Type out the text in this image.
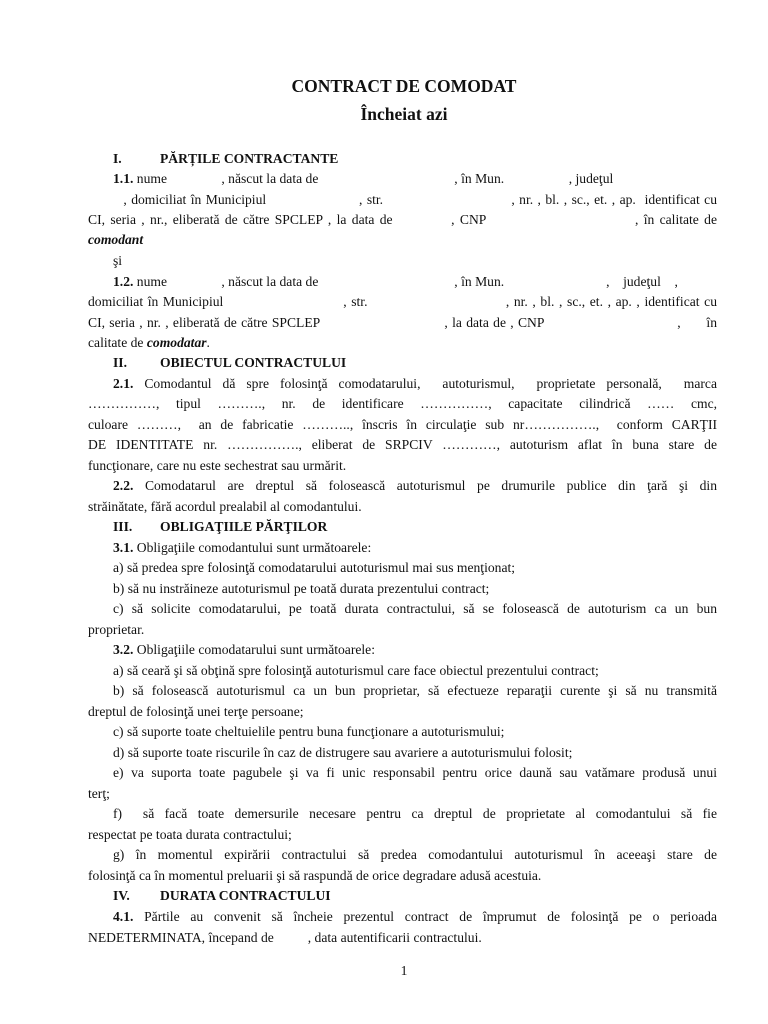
CONTRACT DE COMODAT
Încheiat azi
I.	PĂRȚILE CONTRACTANTE
1.1. nume                , născut la data de                                        , în Mun.                   , judeţul
, domiciliat în Municipiul                     , str.                             , nr. , bl. , sc., et. , ap.  identificat cu
CI, seria , nr., eliberată de către SPCLEP , la data de           , CNP                            , în calitate de
comodant
şi
1.2. nume                , născut la data de                                        , în Mun.                              ,    judeţul    ,
domiciliat în Municipiul                          , str.                              , nr. , bl. , sc., et. , ap. , identificat cu
CI, seria , nr. , eliberată de către SPCLEP                             , la data de , CNP                               ,      în
calitate de comodatar.
II. OBIECTUL CONTRACTULUI
2.1. Comodantul dă spre folosinţă comodatarului,  autoturismul,  proprietate personală,  marca
……………, tipul ………., nr. de identificare ……………, capacitate cilindrică …… cmc,
culoare ………,  an de fabricatie ……….., înscris în circulaţie sub nr…………….,  conform CARŢII
DE IDENTITATE nr. ……………., eliberat de SRPCIV …………, autoturism aflat în buna stare de
funcţionare, care nu este sechestrat sau urmărit.
2.2. Comodatarul are dreptul să folosească autoturismul pe drumurile publice din ţară şi din
străinătate, fără acordul prealabil al comodantului.
III. OBLIGAŢIILE PĂRŢILOR
3.1. Obligaţiile comodantului sunt următoarele:
a) să predea spre folosinţă comodatarului autoturismul mai sus menţionat;
b) să nu instrăineze autoturismul pe toată durata prezentului contract;
c) să solicite comodatarului, pe toată durata contractului, să se folosească de autoturism ca un bun
proprietar.
3.2. Obligaţiile comodatarului sunt următoarele:
a) să ceară şi să obţină spre folosinţă autoturismul care face obiectul prezentului contract;
b) să folosească autoturismul ca un bun proprietar, să efectueze reparaţii curente şi să nu transmită
dreptul de folosinţă unei terţe persoane;
c) să suporte toate cheltuielile pentru buna funcţionare a autoturismului;
d) să suporte toate riscurile în caz de distrugere sau avariere a autoturismului folosit;
e) va suporta toate pagubele şi va fi unic responsabil pentru orice daună sau vatămare produsă unui
terţ;
f)  să facă toate demersurile necesare pentru ca dreptul de proprietate al comodantului să fie
respectat pe toata durata contractului;
g) în momentul expirării contractului să predea comodantului autoturismul în aceeaşi stare de
folosinţă ca în momentul preluarii şi să raspundă de orice degradare adusă acestuia.
IV. DURATA CONTRACTULUI
4.1. Părtile au convenit să încheie prezentul contract de împrumut de folosinţă pe o perioada
NEDETERMINATA, începand de          , data autentificarii contractului.
1
